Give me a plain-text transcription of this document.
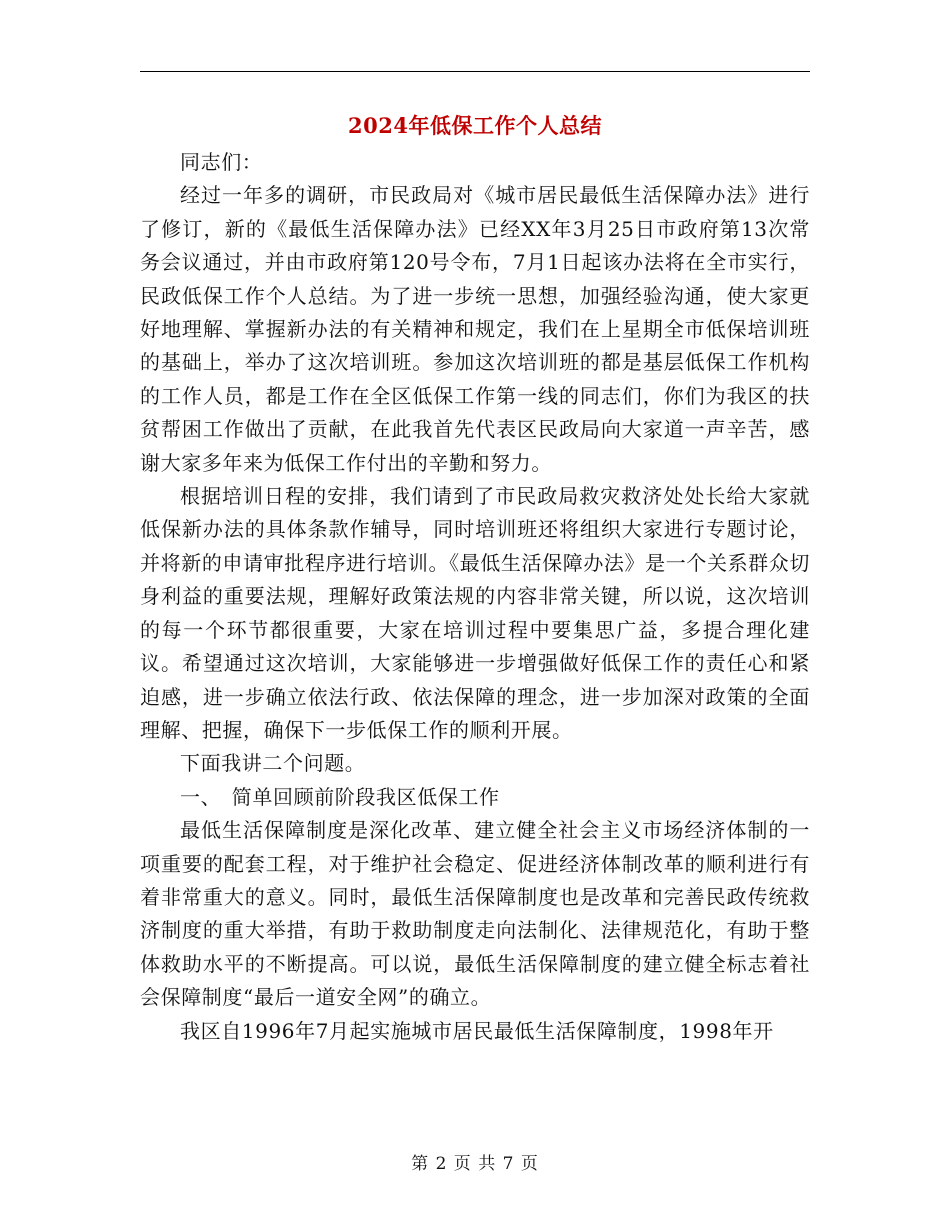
2024年低保工作个人总结

同志们：

经过一年多的调研，市民政局对《城市居民最低生活保障办法》进行了修订，新的《最低生活保障办法》已经XX年3月25日市政府第13次常务会议通过，并由市政府第120号令布，7月1日起该办法将在全市实行，民政低保工作个人总结。为了进一步统一思想，加强经验沟通，使大家更好地理解、掌握新办法的有关精神和规定，我们在上星期全市低保培训班的基础上，举办了这次培训班。参加这次培训班的都是基层低保工作机构的工作人员，都是工作在全区低保工作第一线的同志们，你们为我区的扶贫帮困工作做出了贡献，在此我首先代表区民政局向大家道一声辛苦，感谢大家多年来为低保工作付出的辛勤和努力。

根据培训日程的安排，我们请到了市民政局救灾救济处处长给大家就低保新办法的具体条款作辅导，同时培训班还将组织大家进行专题讨论，并将新的申请审批程序进行培训。《最低生活保障办法》是一个关系群众切身利益的重要法规，理解好政策法规的内容非常关键，所以说，这次培训的每一个环节都很重要，大家在培训过程中要集思广益，多提合理化建议。希望通过这次培训，大家能够进一步增强做好低保工作的责任心和紧迫感，进一步确立依法行政、依法保障的理念，进一步加深对政策的全面理解、把握，确保下一步低保工作的顺利开展。

下面我讲二个问题。

一、　简单回顾前阶段我区低保工作

最低生活保障制度是深化改革、建立健全社会主义市场经济体制的一项重要的配套工程，对于维护社会稳定、促进经济体制改革的顺利进行有着非常重大的意义。同时，最低生活保障制度也是改革和完善民政传统救济制度的重大举措，有助于救助制度走向法制化、法律规范化，有助于整体救助水平的不断提高。可以说，最低生活保障制度的建立健全标志着社会保障制度“最后一道安全网”的确立。

我区自1996年7月起实施城市居民最低生活保障制度，1998年开

第 2 页 共 7 页
